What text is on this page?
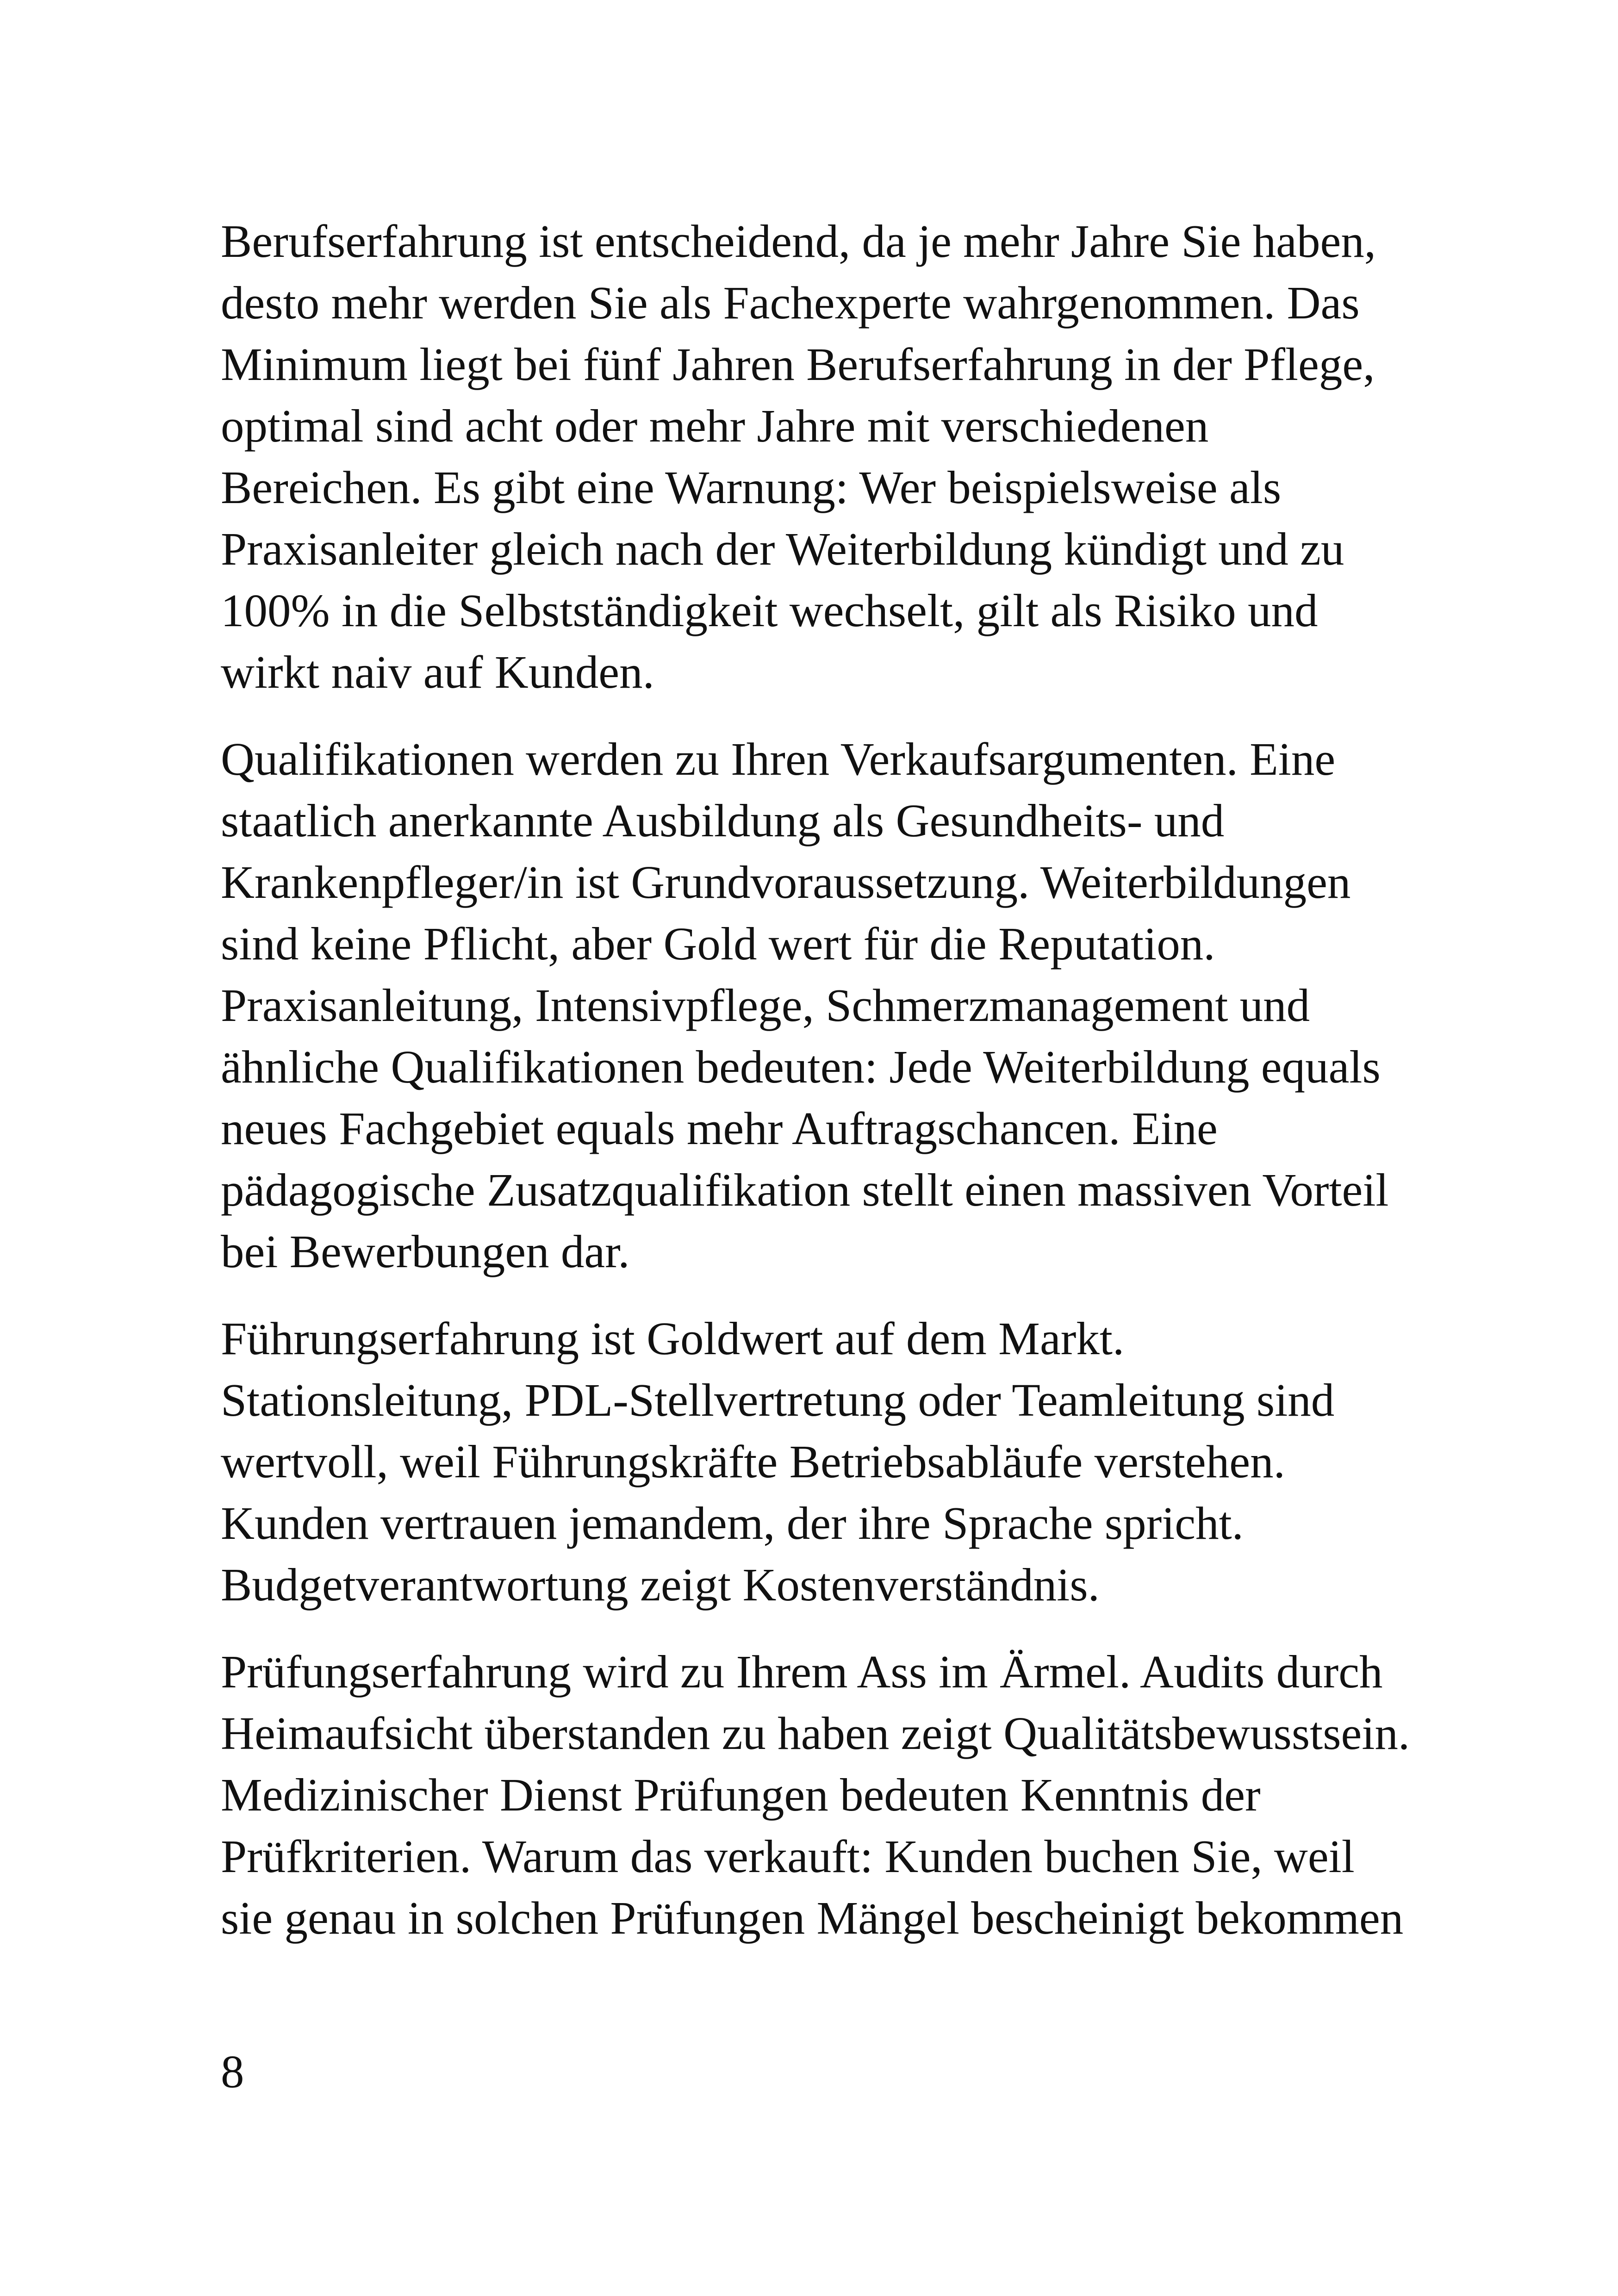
Berufserfahrung ist entscheidend, da je mehr Jahre Sie haben,
desto mehr werden Sie als Fachexperte wahrgenommen. Das
Minimum liegt bei fünf Jahren Berufserfahrung in der Pflege,
optimal sind acht oder mehr Jahre mit verschiedenen
Bereichen. Es gibt eine Warnung: Wer beispielsweise als
Praxisanleiter gleich nach der Weiterbildung kündigt und zu
100% in die Selbstständigkeit wechselt, gilt als Risiko und
wirkt naiv auf Kunden.
Qualifikationen werden zu Ihren Verkaufsargumenten. Eine
staatlich anerkannte Ausbildung als Gesundheits- und
Krankenpfleger/in ist Grundvoraussetzung. Weiterbildungen
sind keine Pflicht, aber Gold wert für die Reputation.
Praxisanleitung, Intensivpflege, Schmerzmanagement und
ähnliche Qualifikationen bedeuten: Jede Weiterbildung equals
neues Fachgebiet equals mehr Auftragschancen. Eine
pädagogische Zusatzqualifikation stellt einen massiven Vorteil
bei Bewerbungen dar.
Führungserfahrung ist Goldwert auf dem Markt.
Stationsleitung, PDL-Stellvertretung oder Teamleitung sind
wertvoll, weil Führungskräfte Betriebsabläufe verstehen.
Kunden vertrauen jemandem, der ihre Sprache spricht.
Budgetverantwortung zeigt Kostenverständnis.
Prüfungserfahrung wird zu Ihrem Ass im Ärmel. Audits durch
Heimaufsicht überstanden zu haben zeigt Qualitätsbewusstsein.
Medizinischer Dienst Prüfungen bedeuten Kenntnis der
Prüfkriterien. Warum das verkauft: Kunden buchen Sie, weil
sie genau in solchen Prüfungen Mängel bescheinigt bekommen
8
